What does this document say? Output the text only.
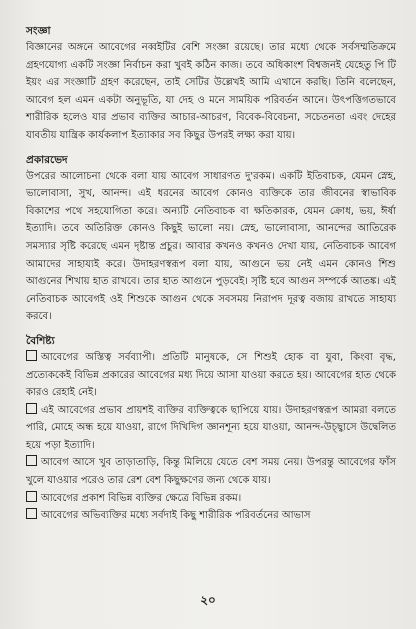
সংজ্ঞা

বিজ্ঞানের অঙ্গনে আবেগের নব্বইটির বেশি সংজ্ঞা রয়েছে। তার মধ্যে থেকে সর্বসম্মতিক্রমে গ্রহণযোগ্য একটি সংজ্ঞা নির্বাচন করা খুবই কঠিন কাজ। তবে অধিকাংশ বিশ্বজনই যেহেতু পি টি ইয়ং এর সংজ্ঞাটি গ্রহণ করেছেন, তাই সেটির উল্লেখই আমি এখানে করছি। তিনি বলেছেন, আবেগ হল এমন একটা অনুভূতি, যা দেহ ও মনে সাময়িক পরিবর্তন আনে। উৎপত্তিগতভাবে শারীরিক হলেও যার প্রভাব ব্যক্তির আচার-আচরণ, বিবেক-বিবেচনা, সচেতনতা এবং দেহের যাবতীয় যান্ত্রিক কার্যকলাপ ইত্যাকার সব কিছুর উপরই লক্ষ্য করা যায়।

প্রকারভেদ

উপরের আলোচনা থেকে বলা যায় আবেগ সাধারণত দু'রকম। একটি ইতিবাচক, যেমন স্নেহ, ভালোবাসা, সুখ, আনন্দ। এই ধরনের আবেগ কোনও ব্যক্তিকে তার জীবনের স্বাভাবিক বিকাশের পথে সহযোগিতা করে। অন্যটি নেতিবাচক বা ক্ষতিকারক, যেমন ক্রোধ, ভয়, ঈর্ষা ইত্যাদি। তবে অতিরিক্ত কোনও কিছুই ভালো নয়। স্নেহ, ভালোবাসা, আনন্দের আতিরেক সমস্যার সৃষ্টি করেছে এমন দৃষ্টান্ত প্রচুর। আবার কখনও কখনও দেখা যায়, নেতিবাচক আবেগ আমাদের সাহায্যই করে। উদাহরণস্বরূপ বলা যায়, আগুনে ভয় নেই এমন কোনও শিশু আগুনের শিখায় হাত রাখবে। তার হাত আগুনে পুড়বেই। সৃষ্টি হবে আগুন সম্পর্কে আতঙ্ক। এই নেতিবাচক আবেগই ওই শিশুকে আগুন থেকে সবসময় নিরাপদ দূরত্ব বজায় রাখতে সাহায্য করবে।

বৈশিষ্ট্য

আবেগের অস্তিত্ব সর্বব্যাপী। প্রতিটি মানুষকে, সে শিশুই হোক বা যুবা, কিংবা বৃদ্ধ, প্রত্যেককেই বিভিন্ন প্রকারের আবেগের মধ্য দিয়ে আসা যাওয়া করতে হয়। আবেগের হাত থেকে কারও রেহাই নেই।

এই আবেগের প্রভাব প্রায়শই ব্যক্তির ব্যক্তিত্বকে ছাপিয়ে যায়। উদাহরণস্বরূপ আমরা বলতে পারি, মোহে অন্ধ হয়ে যাওয়া, রাগে দিখিদিগ জ্ঞানশূন্য হয়ে যাওয়া, আনন্দ-উচ্ছ্বাসে উদ্বেলিত হয়ে পড়া ইত্যাদি।

আবেগ আসে খুব তাড়াতাড়ি, কিন্তু মিলিয়ে যেতে বেশ সময় নেয়। উপরন্তু আবেগের ফাঁস খুলে যাওয়ার পরেও তার রেশ বেশ কিছুক্ষণের জন্য থেকে যায়।

আবেগের প্রকাশ বিভিন্ন ব্যক্তির ক্ষেত্রে বিভিন্ন রকম।

আবেগের অভিব্যক্তির মধ্যে সর্বদাই কিছু শারীরিক পরিবর্তনের আভাস

২০
